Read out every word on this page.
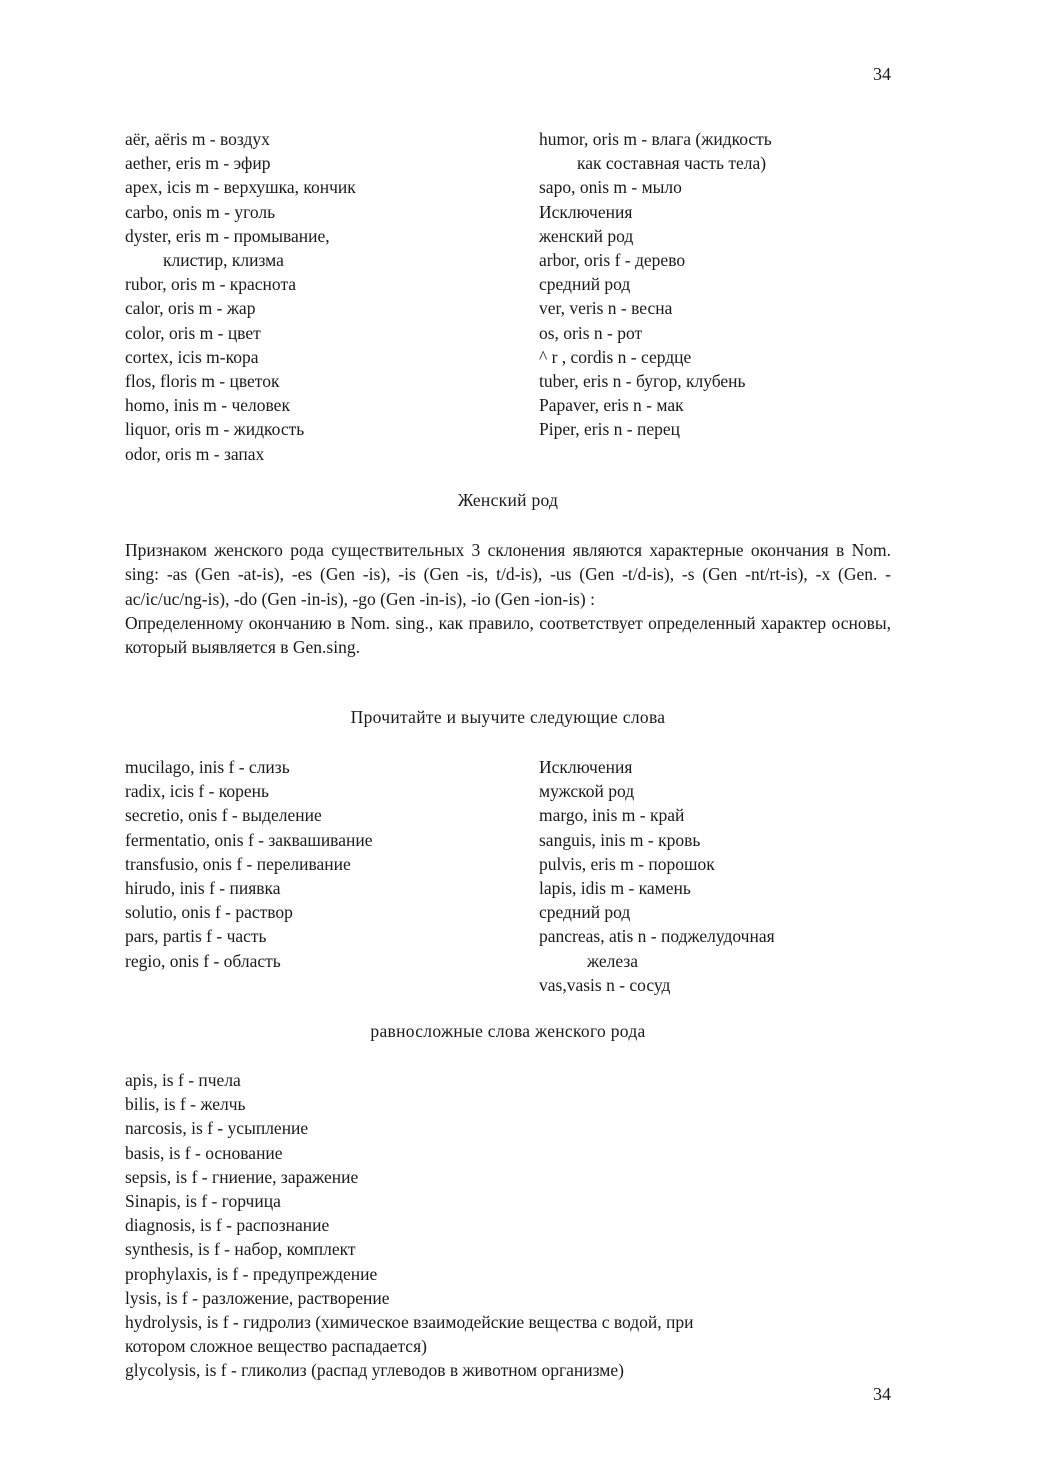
34
aёr, aёris m - воздух
aether, eris m - эфир
apex, icis m - верхушка, кончик
carbo, onis m - уголь
dyster, eris m - промывание,
клистир, клизма
rubor, oris m - краснота
calor, oris m - жар
color, oris m - цвет
cortex, icis m-кора
flos, floris m - цветок
homo, inis m - человек
liquor, oris m - жидкость
odor, oris m - запах
humor, oris m - влага (жидкость
как составная часть тела)
sapo, onis m - мыло
Исключения
женский род
arbor, oris f - дерево
средний род
ver, veris n - весна
os, oris n - рот
^ r , cordis n - сердце
tuber, eris n - бугор, клубень
Papaver, eris n - мак
Piper, eris n - перец
Женский род

Признаком женского рода существительных 3 склонения являются характерные окончания в Nom. sing: -as (Gen -at-is), -es (Gen -is), -is (Gen -is, t/d-is), -us (Gen -t/d-is), -s (Gen -nt/rt-is), -x (Gen. -ac/ic/uc/ng-is), -do (Gen -in-is), -go (Gen -in-is), -io (Gen -ion-is) :

Определенному окончанию в Nom. sing., как правило, соответствует определенный характер основы, который выявляется в Gen.sing.

Прочитайте и выучите следующие слова
mucilago, inis f - слизь
radix, icis f - корень
secretio, onis f - выделение
fermentatio, onis f - заквашивание
transfusio, onis f - переливание
hirudo, inis f - пиявка
solutio, onis f - раствор
pars, partis f - часть
regio, onis f - область
Исключения
мужской род
margo, inis m - край
sanguis, inis m - кровь
pulvis, eris m - порошок
lapis, idis m - камень
средний род
pancreas, atis n - поджелудочная
железа
vas,vasis n - сосуд
равносложные слова женского рода
apis, is f - пчела
bilis, is f - желчь
narcosis, is f - усыпление
basis, is f - основание
sepsis, is f - гниение, заражение
Sinapis, is f - горчица
diagnosis, is f - распознание
synthesis, is f - набор, комплект
prophylaxis, is f - предупреждение
lysis, is f - разложение, растворение
hydrolysis, is f - гидролиз (химическое взаимодейские вещества с водой, при
котором сложное вещество распадается)
glycolysis, is f - гликолиз (распад углеводов в животном организме)
34
